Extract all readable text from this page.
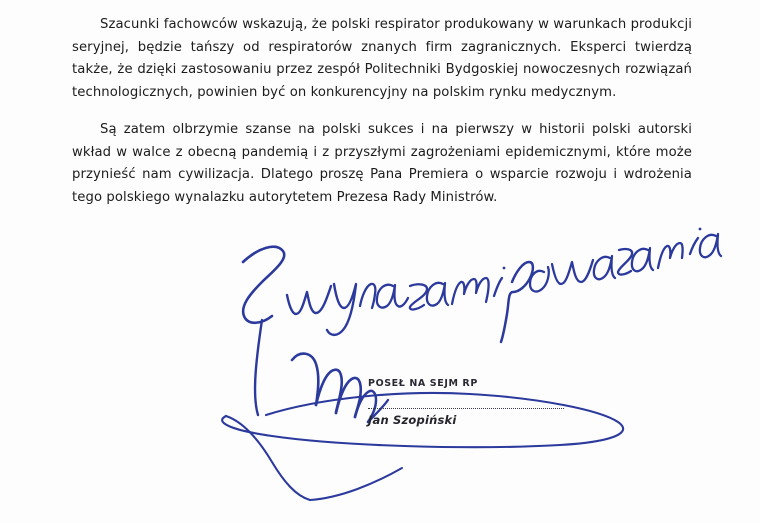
Szacunki fachowców wskazują, że polski respirator produkowany w warunkach produkcji seryjnej, będzie tańszy od respiratorów znanych firm zagranicznych. Eksperci twierdzą także, że dzięki zastosowaniu przez zespół Politechniki Bydgoskiej nowoczesnych rozwiązań technologicznych, powinien być on konkurencyjny na polskim rynku medycznym.

Są zatem olbrzymie szanse na polski sukces i na pierwszy w historii polski autorski wkład w walce z obecną pandemią i z przyszłymi zagrożeniami epidemicznymi, które może przynieść nam cywilizacja. Dlatego proszę Pana Premiera o wsparcie rozwoju i wdrożenia tego polskiego wynalazku autorytetem Prezesa Rady Ministrów.

POSEŁ NA SEJM RP
Jan Szopiński
